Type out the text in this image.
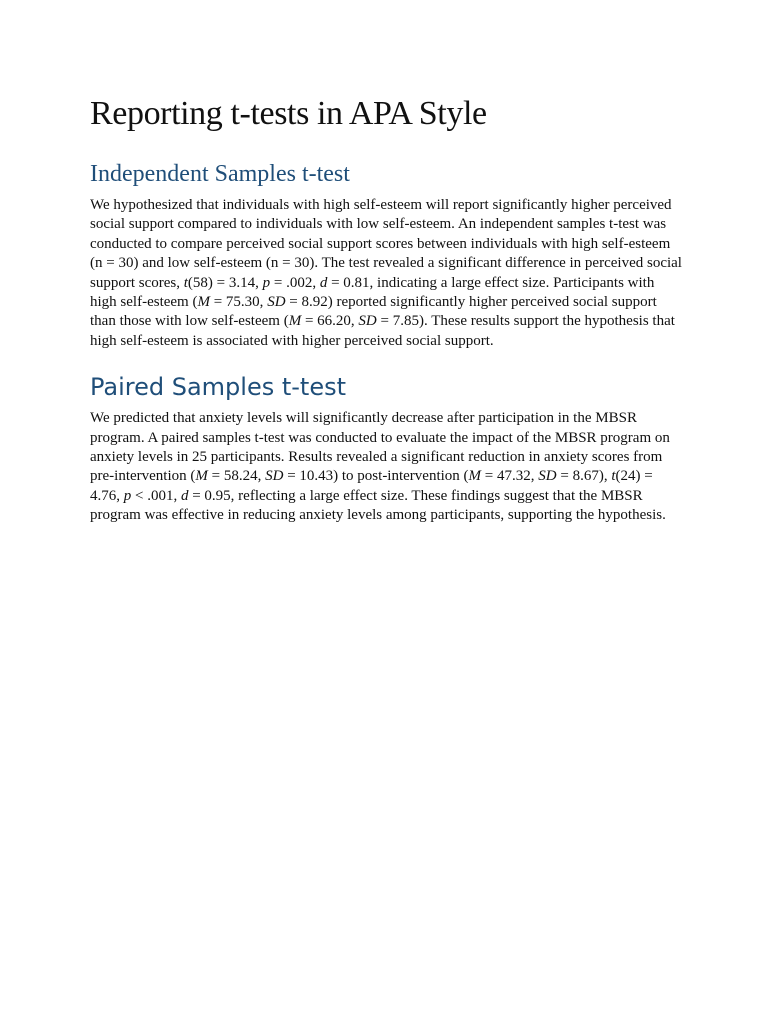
Reporting t-tests in APA Style
Independent Samples t-test

We hypothesized that individuals with high self-esteem will report significantly higher perceived social support compared to individuals with low self-esteem. An independent samples t-test was conducted to compare perceived social support scores between individuals with high self-esteem (n = 30) and low self-esteem (n = 30). The test revealed a significant difference in perceived social support scores, t(58) = 3.14, p = .002, d = 0.81, indicating a large effect size. Participants with high self-esteem (M = 75.30, SD = 8.92) reported significantly higher perceived social support than those with low self-esteem (M = 66.20, SD = 7.85). These results support the hypothesis that high self-esteem is associated with higher perceived social support.

Paired Samples t-test

We predicted that anxiety levels will significantly decrease after participation in the MBSR program. A paired samples t-test was conducted to evaluate the impact of the MBSR program on anxiety levels in 25 participants. Results revealed a significant reduction in anxiety scores from pre-intervention (M = 58.24, SD = 10.43) to post-intervention (M = 47.32, SD = 8.67), t(24) = 4.76, p < .001, d = 0.95, reflecting a large effect size. These findings suggest that the MBSR program was effective in reducing anxiety levels among participants, supporting the hypothesis.
